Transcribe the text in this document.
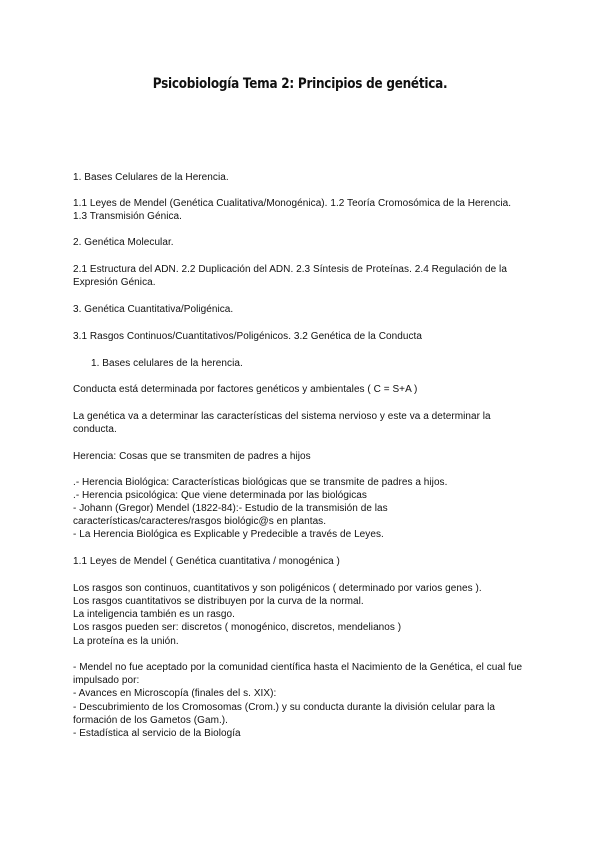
Psicobiología Tema 2: Principios de genética.
1. Bases Celulares de la Herencia.
1.1 Leyes de Mendel (Genética Cualitativa/Monogénica). 1.2 Teoría Cromosómica de la Herencia.
1.3 Transmisión Génica.
2. Genética Molecular.
2.1 Estructura del ADN. 2.2 Duplicación del ADN. 2.3 Síntesis de Proteínas. 2.4 Regulación de la
Expresión Génica.
3. Genética Cuantitativa/Poligénica.
3.1 Rasgos Continuos/Cuantitativos/Poligénicos. 3.2 Genética de la Conducta
1. Bases celulares de la herencia.
Conducta está determinada por factores genéticos y ambientales ( C = S+A )
La genética va a determinar las características del sistema nervioso y este va a determinar la
conducta.
Herencia: Cosas que se transmiten de padres a hijos
.- Herencia Biológica: Características biológicas que se transmite de padres a hijos.
.- Herencia psicológica: Que viene determinada por las biológicas
- Johann (Gregor) Mendel (1822-84):- Estudio de la transmisión de las
características/caracteres/rasgos biológic@s en plantas.
- La Herencia Biológica es Explicable y Predecible a través de Leyes.
1.1 Leyes de Mendel ( Genética cuantitativa / monogénica )
Los rasgos son continuos, cuantitativos y son poligénicos ( determinado por varios genes ).
Los rasgos cuantitativos se distribuyen por la curva de la normal.
La inteligencia también es un rasgo.
Los rasgos pueden ser: discretos ( monogénico, discretos, mendelianos )
La proteína es la unión.
- Mendel no fue aceptado por la comunidad científica hasta el Nacimiento de la Genética, el cual fue
impulsado por:
- Avances en Microscopía (finales del s. XIX):
- Descubrimiento de los Cromosomas (Crom.) y su conducta durante la división celular para la
formación de los Gametos (Gam.).
- Estadística al servicio de la Biología
